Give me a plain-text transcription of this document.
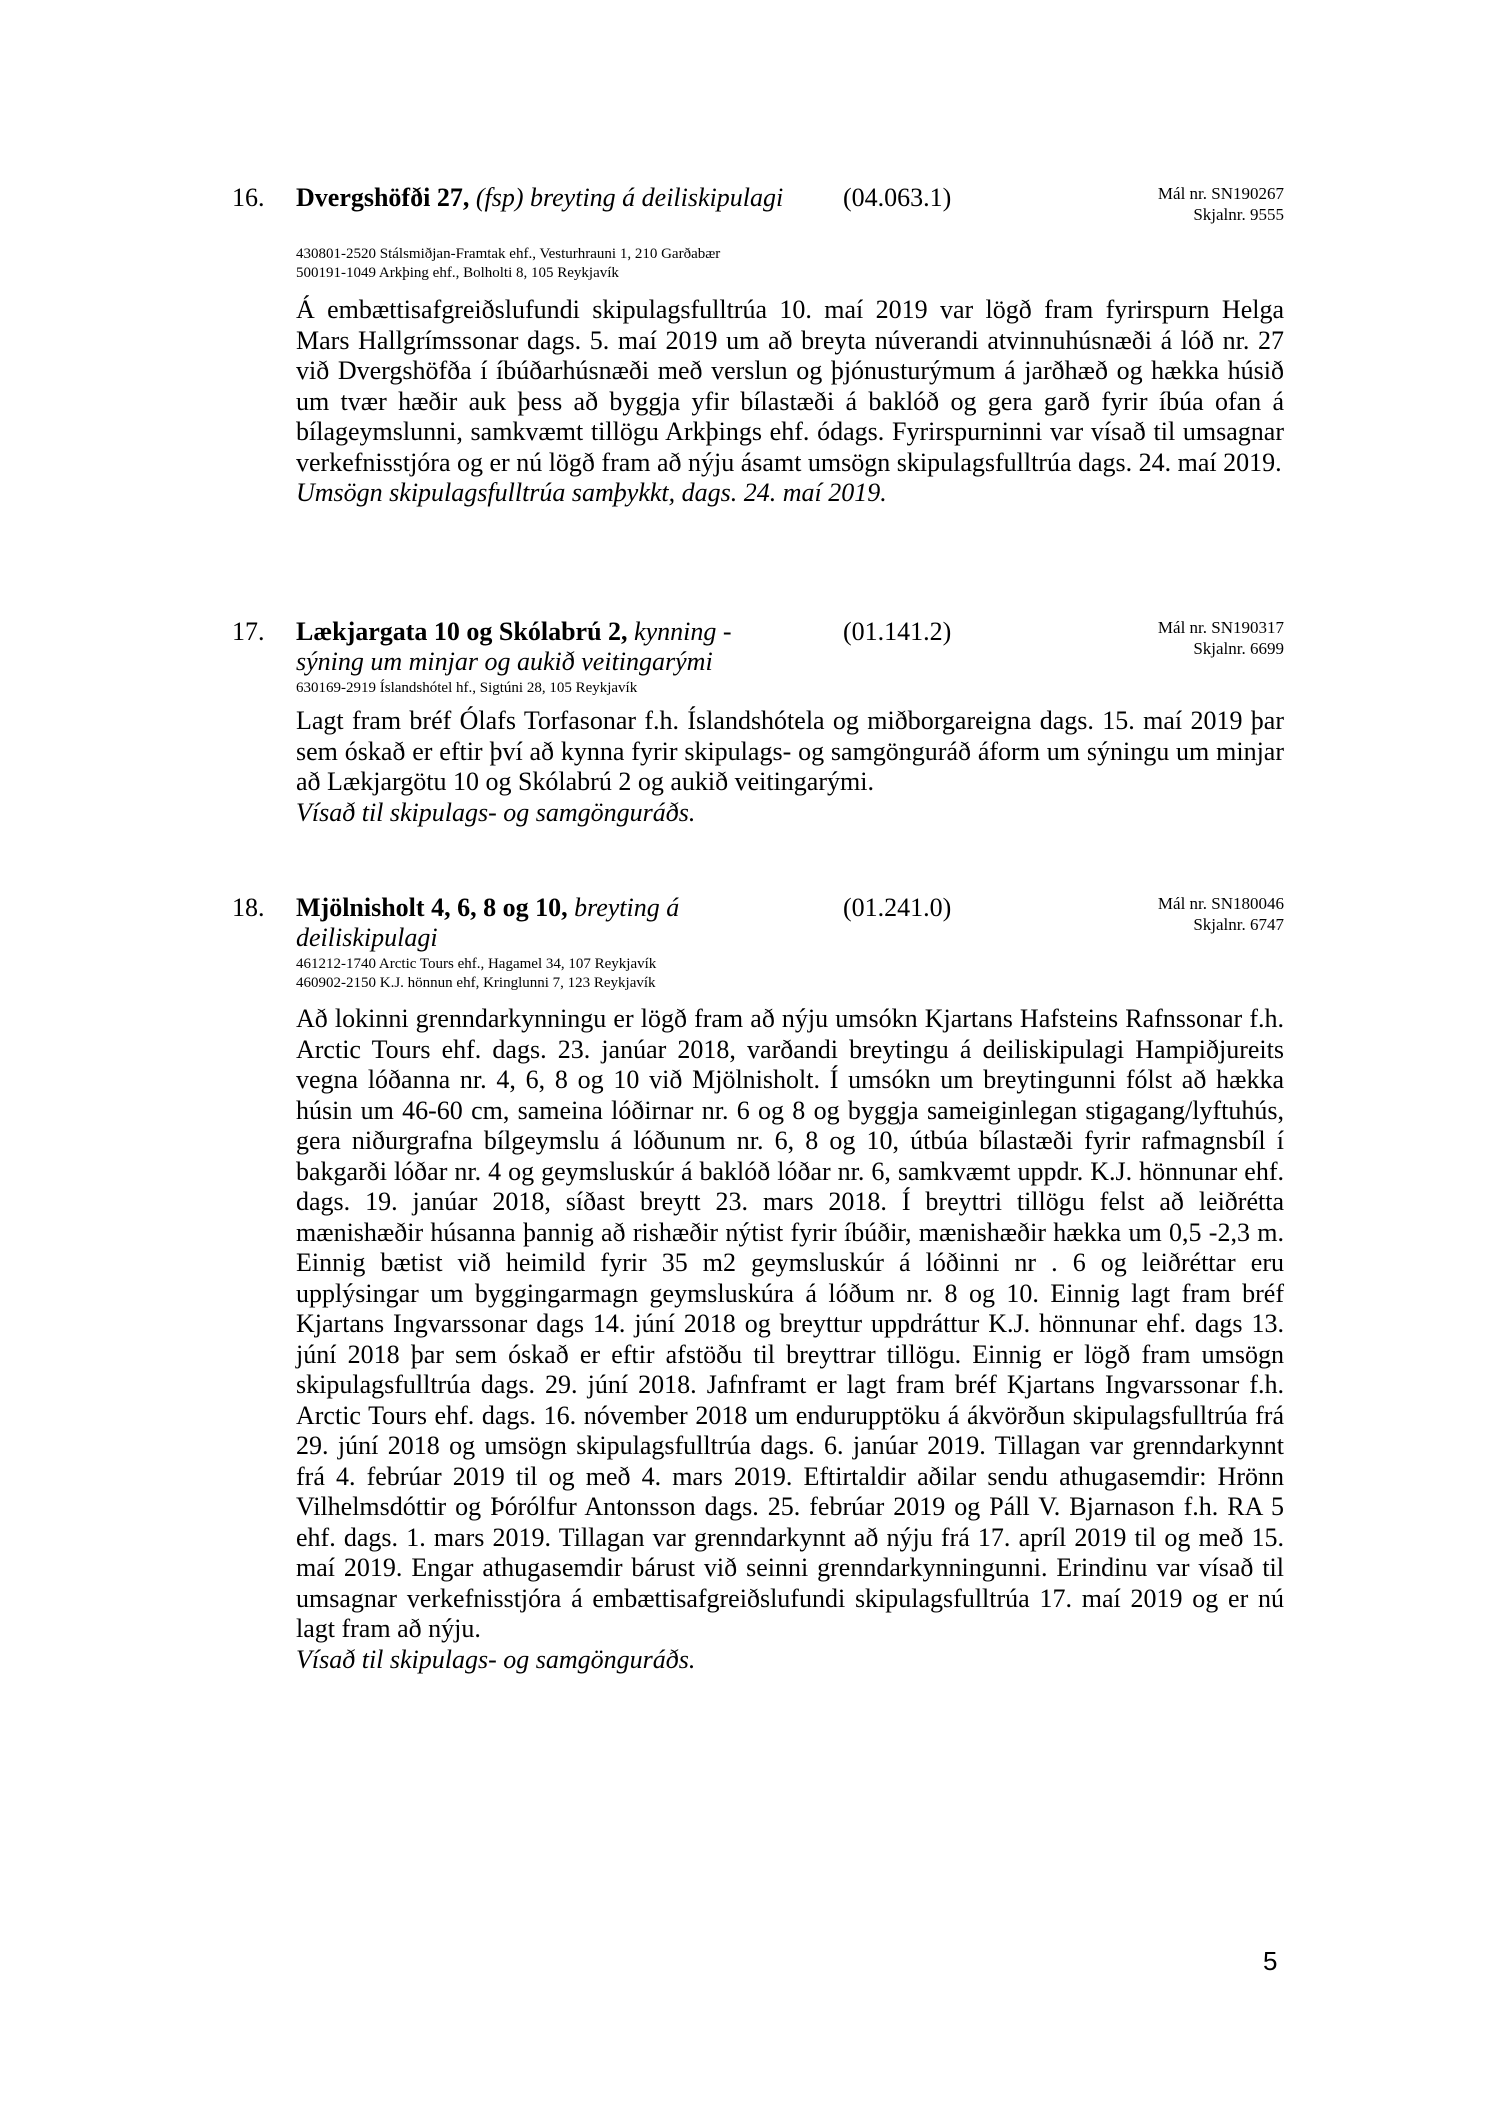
16. Dvergshöfði 27, (fsp) breyting á deiliskipulagi	(04.063.1)	Mál nr. SN190267
Skjalnr. 9555
430801-2520 Stálsmiðjan-Framtak ehf., Vesturhrauni 1, 210 Garðabær
500191-1049 Arkþing ehf., Bolholti 8, 105 Reykjavík

Á embættisafgreiðslufundi skipulagsfulltrúa 10. maí 2019 var lögð fram fyrirspurn Helga Mars Hallgrímssonar dags. 5. maí 2019 um að breyta núverandi atvinnuhúsnæði á lóð nr. 27 við Dvergshöfða í íbúðarhúsnæði með verslun og þjónusturýmum á jarðhæð og hækka húsið um tvær hæðir auk þess að byggja yfir bílastæði á baklóð og gera garð fyrir íbúa ofan á bílageymslunni, samkvæmt tillögu Arkþings ehf. ódags. Fyrirspurninni var vísað til umsagnar verkefnisstjóra og er nú lögð fram að nýju ásamt umsögn skipulagsfulltrúa dags. 24. maí 2019.

Umsögn skipulagsfulltrúa samþykkt, dags. 24. maí 2019.

17. Lækjargata 10 og Skólabrú 2, kynning - sýning um minjar og aukið veitingarými
(01.141.2)	Mál nr. SN190317
Skjalnr. 6699
630169-2919 Íslandshótel hf., Sigtúni 28, 105 Reykjavík

Lagt fram bréf Ólafs Torfasonar f.h. Íslandshótela og miðborgareigna dags. 15. maí 2019 þar sem óskað er eftir því að kynna fyrir skipulags- og samgönguráð áform um sýningu um minjar að Lækjargötu 10 og Skólabrú 2 og aukið veitingarými.

Vísað til skipulags- og samgönguráðs.

18. Mjölnisholt 4, 6, 8 og 10, breyting á deiliskipulagi
(01.241.0)	Mál nr. SN180046
Skjalnr. 6747
461212-1740 Arctic Tours ehf., Hagamel 34, 107 Reykjavík
460902-2150 K.J. hönnun ehf, Kringlunni 7, 123 Reykjavík

Að lokinni grenndarkynningu er lögð fram að nýju umsókn Kjartans Hafsteins Rafnssonar f.h. Arctic Tours ehf. dags. 23. janúar 2018, varðandi breytingu á deiliskipulagi Hampiðjureits vegna lóðanna nr. 4, 6, 8 og 10 við Mjölnisholt. Í umsókn um breytingunni fólst að hækka húsin um 46-60 cm, sameina lóðirnar nr. 6 og 8 og byggja sameiginlegan stigagang/lyftuhús, gera niðurgrafna bílgeymslu á lóðunum nr. 6, 8 og 10, útbúa bílastæði fyrir rafmagnsbíl í bakgarði lóðar nr. 4 og geymsluskúr á baklóð lóðar nr. 6, samkvæmt uppdr. K.J. hönnunar ehf. dags. 19. janúar 2018, síðast breytt 23. mars 2018. Í breyttri tillögu felst að leiðrétta mænishæðir húsanna þannig að rishæðir nýtist fyrir íbúðir, mænishæðir hækka um 0,5 -2,3 m. Einnig bætist við heimild fyrir 35 m2 geymsluskúr á lóðinni nr . 6 og leiðréttar eru upplýsingar um byggingarmagn geymsluskúra á lóðum nr. 8 og 10. Einnig lagt fram bréf Kjartans Ingvarssonar dags 14. júní 2018 og breyttur uppdráttur K.J. hönnunar ehf. dags 13. júní 2018 þar sem óskað er eftir afstöðu til breyttrar tillögu. Einnig er lögð fram umsögn skipulagsfulltrúa dags. 29. júní 2018. Jafnframt er lagt fram bréf Kjartans Ingvarssonar f.h. Arctic Tours ehf. dags. 16. nóvember 2018 um endurupptöku á ákvörðun skipulagsfulltrúa frá 29. júní 2018 og umsögn skipulagsfulltrúa dags. 6. janúar 2019. Tillagan var grenndarkynnt frá 4. febrúar 2019 til og með 4. mars 2019. Eftirtaldir aðilar sendu athugasemdir: Hrönn Vilhelmsdóttir og Þórólfur Antonsson dags. 25. febrúar 2019 og Páll V. Bjarnason f.h. RA 5 ehf. dags. 1. mars 2019. Tillagan var grenndarkynnt að nýju frá 17. apríl 2019 til og með 15. maí 2019. Engar athugasemdir bárust við seinni grenndarkynningunni. Erindinu var vísað til umsagnar verkefnisstjóra á embættisafgreiðslufundi skipulagsfulltrúa 17. maí 2019 og er nú lagt fram að nýju.

Vísað til skipulags- og samgönguráðs.

5
